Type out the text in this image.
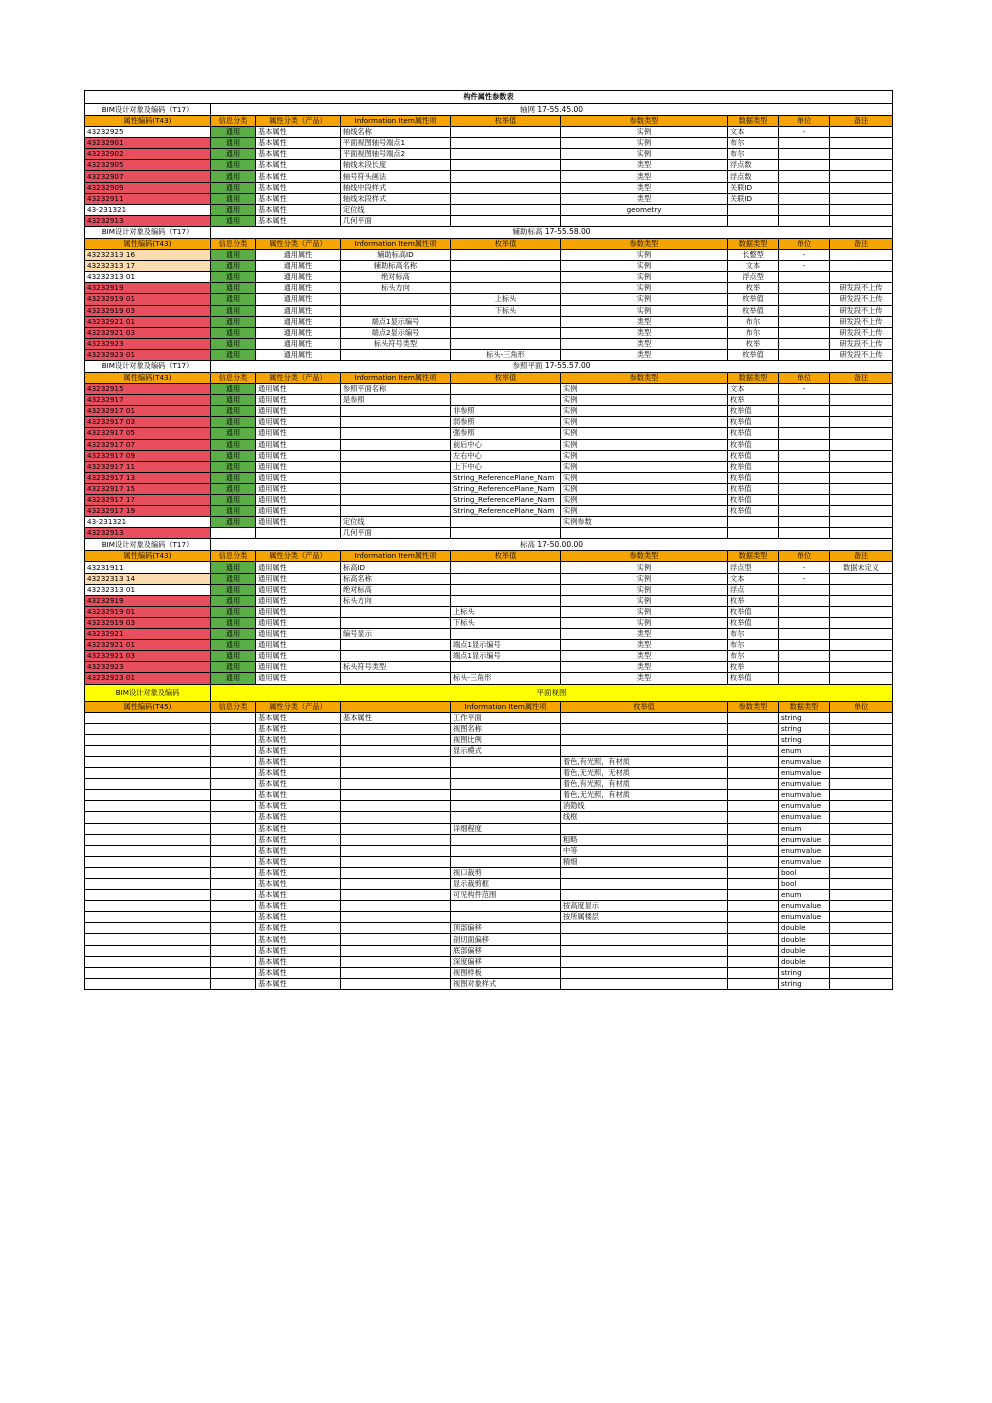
构件属性参数表								
BIM设计对象及编码（T17）	轴网 17-55.45.00							
属性编码(T43)	信息分类	属性分类（产品）	Information Item属性项	枚举值	参数类型	数据类型	单位	备注
43232925	通用	基本属性	轴线名称		实例	文本	-	
43232901	通用	基本属性	平面视图轴号端点1		实例	布尔		
43232902	通用	基本属性	平面视图轴号端点2		实例	布尔		
43232905	通用	基本属性	轴线末段长度		类型	浮点数		
43232907	通用	基本属性	轴号符头画法		类型	浮点数		
43232909	通用	基本属性	轴线中段样式		类型	关联ID		
43232911	通用	基本属性	轴线末段样式		类型	关联ID		
43-231321	通用	基本属性	定位线		geometry			
43232913	通用	基本属性	几何平面					
BIM设计对象及编码（T17）	辅助标高 17-55.58.00							
属性编码(T43)	信息分类	属性分类（产品）	Information Item属性项	枚举值	参数类型	数据类型	单位	备注
43232313 16	通用	通用属性	辅助标高ID		实例	长整型	-	
43232313 17	通用	通用属性	辅助标高名称		实例	文本	-	
43232313 01	通用	通用属性	绝对标高		实例	浮点型		
43232919	通用	通用属性	标头方向		实例	枚举		研发段不上传
43232919 01	通用	通用属性		上标头	实例	枚举值		研发段不上传
43232919 03	通用	通用属性		下标头	实例	枚举值		研发段不上传
43232921 01	通用	通用属性	端点1显示编号		类型	布尔		研发段不上传
43232921 03	通用	通用属性	端点2显示编号		类型	布尔		研发段不上传
43232923	通用	通用属性	标头符号类型		类型	枚举		研发段不上传
43232923 01	通用	通用属性		标头-三角形	类型	枚举值		研发段不上传
BIM设计对象及编码（T17）	参照平面 17-55.57.00							
属性编码(T43)	信息分类	属性分类（产品）	Information Item属性项	枚举值	参数类型	数据类型	单位	备注
43232915	通用	通用属性	参照平面名称		实例	文本	-	
43232917	通用	通用属性	是参照		实例	枚举		
43232917 01	通用	通用属性		非参照	实例	枚举值		
43232917 03	通用	通用属性		弱参照	实例	枚举值		
43232917 05	通用	通用属性		强参照	实例	枚举值		
43232917 07	通用	通用属性		前后中心	实例	枚举值		
43232917 09	通用	通用属性		左右中心	实例	枚举值		
43232917 11	通用	通用属性		上下中心	实例	枚举值		
43232917 13	通用	通用属性		String_ReferencePlane_Nam	实例	枚举值		
43232917 15	通用	通用属性		String_ReferencePlane_Nam	实例	枚举值		
43232917 17	通用	通用属性		String_ReferencePlane_Nam	实例	枚举值		
43232917 19	通用	通用属性		String_ReferencePlane_Nam	实例	枚举值		
43-231321	通用	通用属性	定位线		实例参数			
43232913			几何平面					
BIM设计对象及编码（T17）	标高 17-50.00.00							
属性编码(T43)	信息分类	属性分类（产品）	Information Item属性项	枚举值	参数类型	数据类型	单位	备注
43231911	通用	通用属性	标高ID		实例	浮点型	-	数据未定义
43232313 14	通用	通用属性	标高名称		实例	文本	-	
43232313 01	通用	通用属性	绝对标高		实例	浮点		
43232919	通用	通用属性	标头方向		实例	枚举		
43232919 01	通用	通用属性		上标头	实例	枚举值		
43232919 03	通用	通用属性		下标头	实例	枚举值		
43232921	通用	通用属性	编号显示		类型	布尔		
43232921 01	通用	通用属性		端点1显示编号	类型	布尔		
43232921 03	通用	通用属性		端点1显示编号	类型	布尔		
43232923	通用	通用属性	标头符号类型		类型	枚举		
43232923 01	通用	通用属性		标头-三角形	类型	枚举值		
BIM设计对象及编码	平面视图							
属性编码(T45)	信息分类	属性分类（产品）		Information Item属性项	枚举值	参数类型	数据类型	单位
		基本属性	基本属性	工作平面			string	
		基本属性		视图名称			string	
		基本属性		视图比例			string	
		基本属性		显示模式			enum	
		基本属性			着色,有光照，有材质		enumvalue	
		基本属性			着色,无光照，无材质		enumvalue	
		基本属性			着色,有光照，有材质		enumvalue	
		基本属性			着色,无光照，有材质		enumvalue	
		基本属性			消隐线		enumvalue	
		基本属性			线框		enumvalue	
		基本属性		详细程度			enum	
		基本属性			粗略		enumvalue	
		基本属性			中等		enumvalue	
		基本属性			精细		enumvalue	
		基本属性		视口裁剪			bool	
		基本属性		显示裁剪框			bool	
		基本属性		可见构件范围			enum	
		基本属性			按高度显示		enumvalue	
		基本属性			按所属楼层		enumvalue	
		基本属性		顶部偏移			double	
		基本属性		剖切面偏移			double	
		基本属性		底部偏移			double	
		基本属性		深度偏移			double	
		基本属性		视图样板			string	
		基本属性		视图对象样式			string	
